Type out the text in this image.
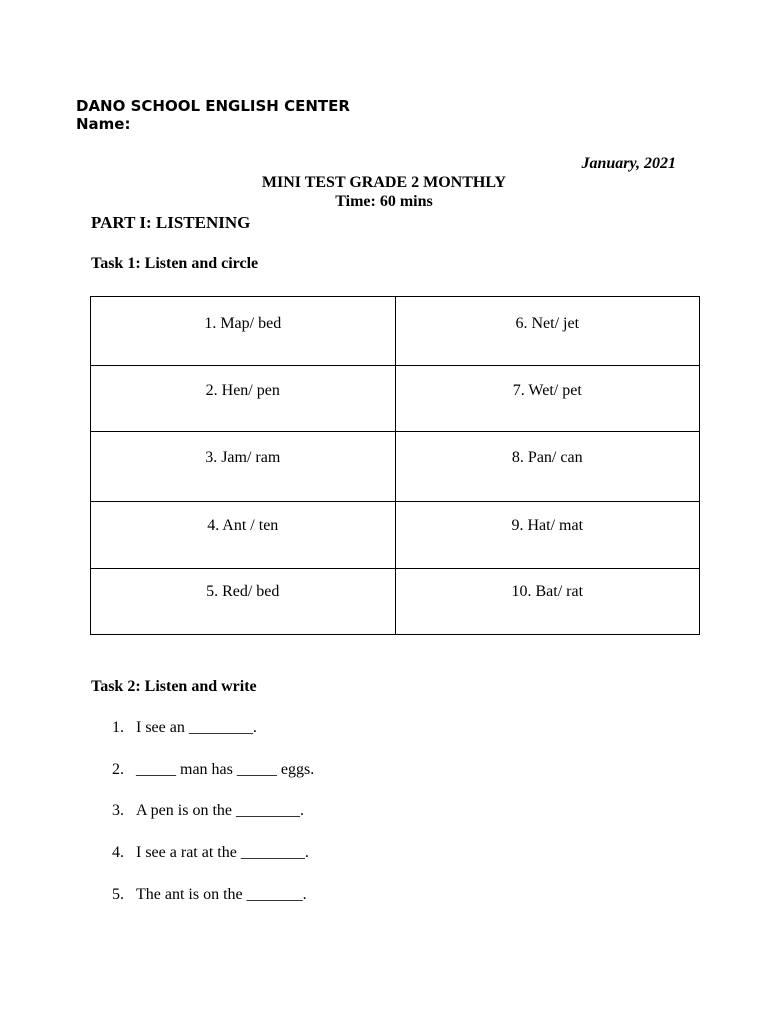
DANO SCHOOL ENGLISH CENTER
Name:
January, 2021
MINI TEST GRADE 2 MONTHLY
Time: 60 mins
PART I: LISTENING
Task 1: Listen and circle
1. Map/ bed	6. Net/ jet
2. Hen/ pen	7. Wet/ pet
3. Jam/ ram	8. Pan/ can
4. Ant / ten	9. Hat/ mat
5. Red/ bed	10. Bat/ rat
Task 2: Listen and write
1. I see an ________.
2. _____ man has _____ eggs.
3. A pen is on the ________.
4. I see a rat at the ________.
5. The ant is on the _______.
